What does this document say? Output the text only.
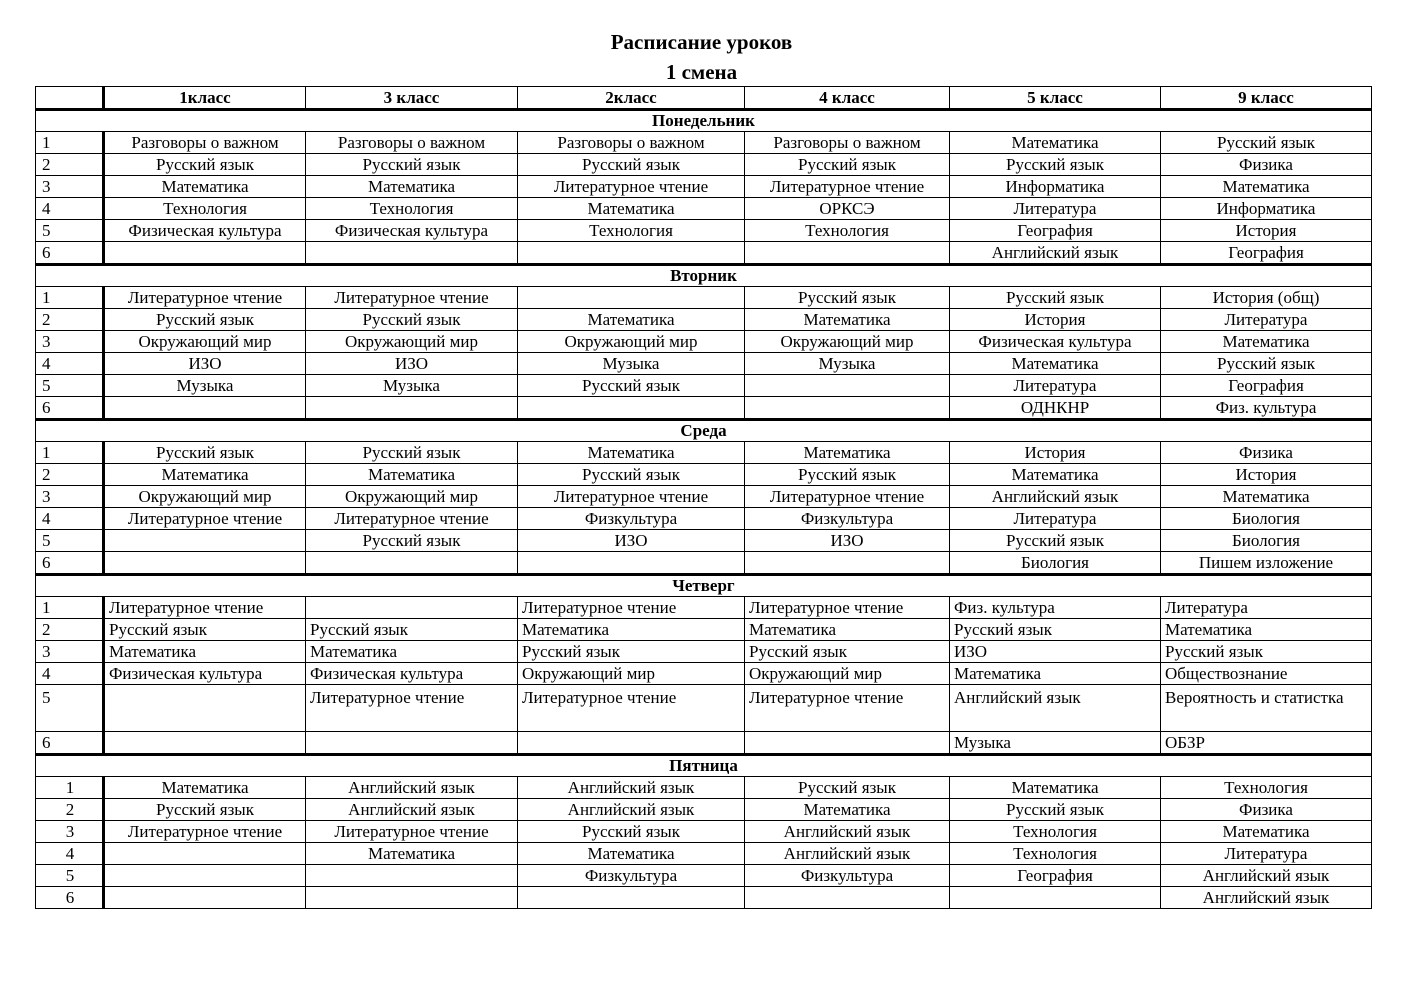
Расписание уроков
1 смена
	1класс	3 класс	2класс	4 класс	5 класс	9 класс
Понедельник						
1	Разговоры о важном	Разговоры о важном	Разговоры о важном	Разговоры о важном	Математика	Русский язык
2	Русский язык	Русский язык	Русский язык	Русский язык	Русский язык	Физика
3	Математика	Математика	Литературное чтение	Литературное чтение	Информатика	Математика
4	Технология	Технология	Математика	ОРКСЭ	Литература	Информатика
5	Физическая культура	Физическая культура	Технология	Технология	География	История
6					Английский язык	География
Вторник						
1	Литературное чтение	Литературное чтение		Русский язык	Русский язык	История (общ)
2	Русский язык	Русский язык	Математика	Математика	История	Литература
3	Окружающий мир	Окружающий мир	Окружающий мир	Окружающий мир	Физическая культура	Математика
4	ИЗО	ИЗО	Музыка	Музыка	Математика	Русский язык
5	Музыка	Музыка	Русский язык		Литература	География
6					ОДНКНР	Физ. культура
Среда						
1	Русский язык	Русский язык	Математика	Математика	История	Физика
2	Математика	Математика	Русский язык	Русский язык	Математика	История
3	Окружающий мир	Окружающий мир	Литературное чтение	Литературное чтение	Английский язык	Математика
4	Литературное чтение	Литературное чтение	Физкультура	Физкультура	Литература	Биология
5		Русский язык	ИЗО	ИЗО	Русский язык	Биология
6					Биология	Пишем изложение
Четверг						
1	Литературное чтение		Литературное чтение	Литературное чтение	Физ. культура	Литература
2	Русский язык	Русский язык	Математика	Математика	Русский язык	Математика
3	Математика	Математика	Русский язык	Русский язык	ИЗО	Русский язык
4	Физическая культура	Физическая культура	Окружающий мир	Окружающий мир	Математика	Обществознание
5		Литературное чтение	Литературное чтение	Литературное чтение	Английский язык	Вероятность и статистка
6					Музыка	ОБЗР
Пятница						
1	Математика	Английский язык	Английский язык	Русский язык	Математика	Технология
2	Русский язык	Английский язык	Английский язык	Математика	Русский язык	Физика
3	Литературное чтение	Литературное чтение	Русский язык	Английский язык	Технология	Математика
4		Математика	Математика	Английский язык	Технология	Литература
5			Физкультура	Физкультура	География	Английский язык
6						Английский язык
